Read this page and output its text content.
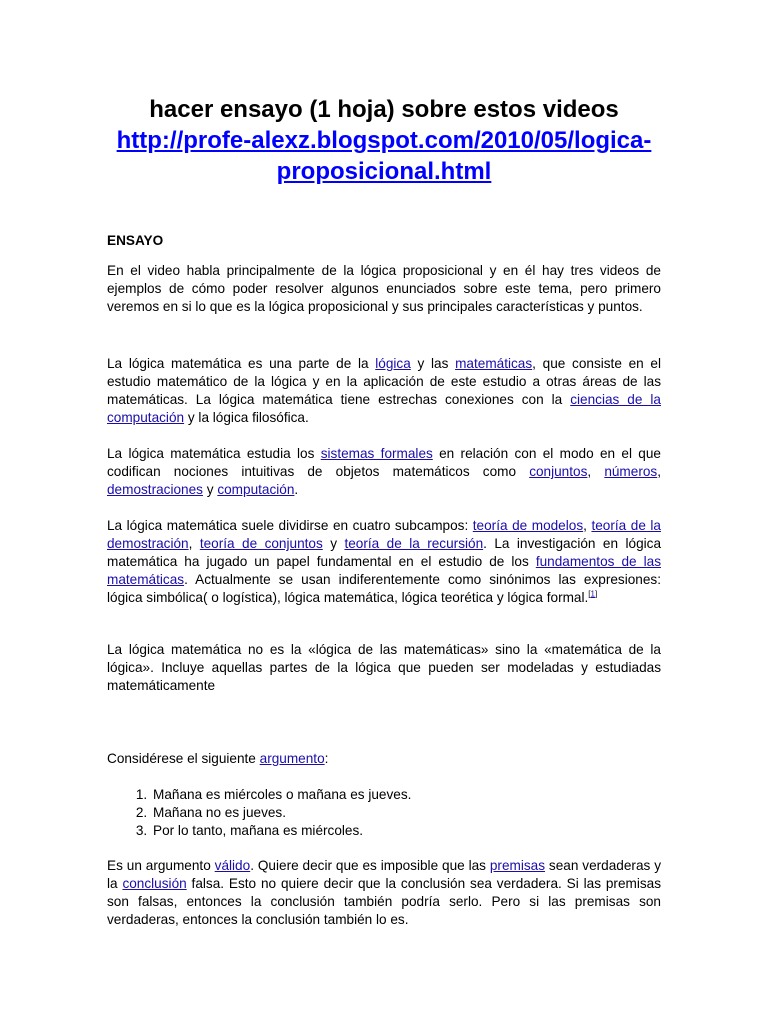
hacer ensayo (1 hoja) sobre estos videos
http://profe-alexz.blogspot.com/2010/05/logica-proposicional.html
ENSAYO
En el video habla principalmente de la lógica proposicional y en él hay tres videos de ejemplos de cómo poder resolver algunos enunciados sobre este tema, pero primero veremos en si lo que es la lógica proposicional y sus principales características y puntos.
La lógica matemática es una parte de la lógica y las matemáticas, que consiste en el estudio matemático de la lógica y en la aplicación de este estudio a otras áreas de las matemáticas. La lógica matemática tiene estrechas conexiones con la ciencias de la computación y la lógica filosófica.
La lógica matemática estudia los sistemas formales en relación con el modo en el que codifican nociones intuitivas de objetos matemáticos como conjuntos, números, demostraciones y computación.
La lógica matemática suele dividirse en cuatro subcampos: teoría de modelos, teoría de la demostración, teoría de conjuntos y teoría de la recursión. La investigación en lógica matemática ha jugado un papel fundamental en el estudio de los fundamentos de las matemáticas. Actualmente se usan indiferentemente como sinónimos las expresiones: lógica simbólica( o logística), lógica matemática, lógica teorética y lógica formal.[1]
La lógica matemática no es la «lógica de las matemáticas» sino la «matemática de la lógica». Incluye aquellas partes de la lógica que pueden ser modeladas y estudiadas matemáticamente
Considérese el siguiente argumento:
1. Mañana es miércoles o mañana es jueves.
2. Mañana no es jueves.
3. Por lo tanto, mañana es miércoles.
Es un argumento válido. Quiere decir que es imposible que las premisas sean verdaderas y la conclusión falsa. Esto no quiere decir que la conclusión sea verdadera. Si las premisas son falsas, entonces la conclusión también podría serlo. Pero si las premisas son verdaderas, entonces la conclusión también lo es.
